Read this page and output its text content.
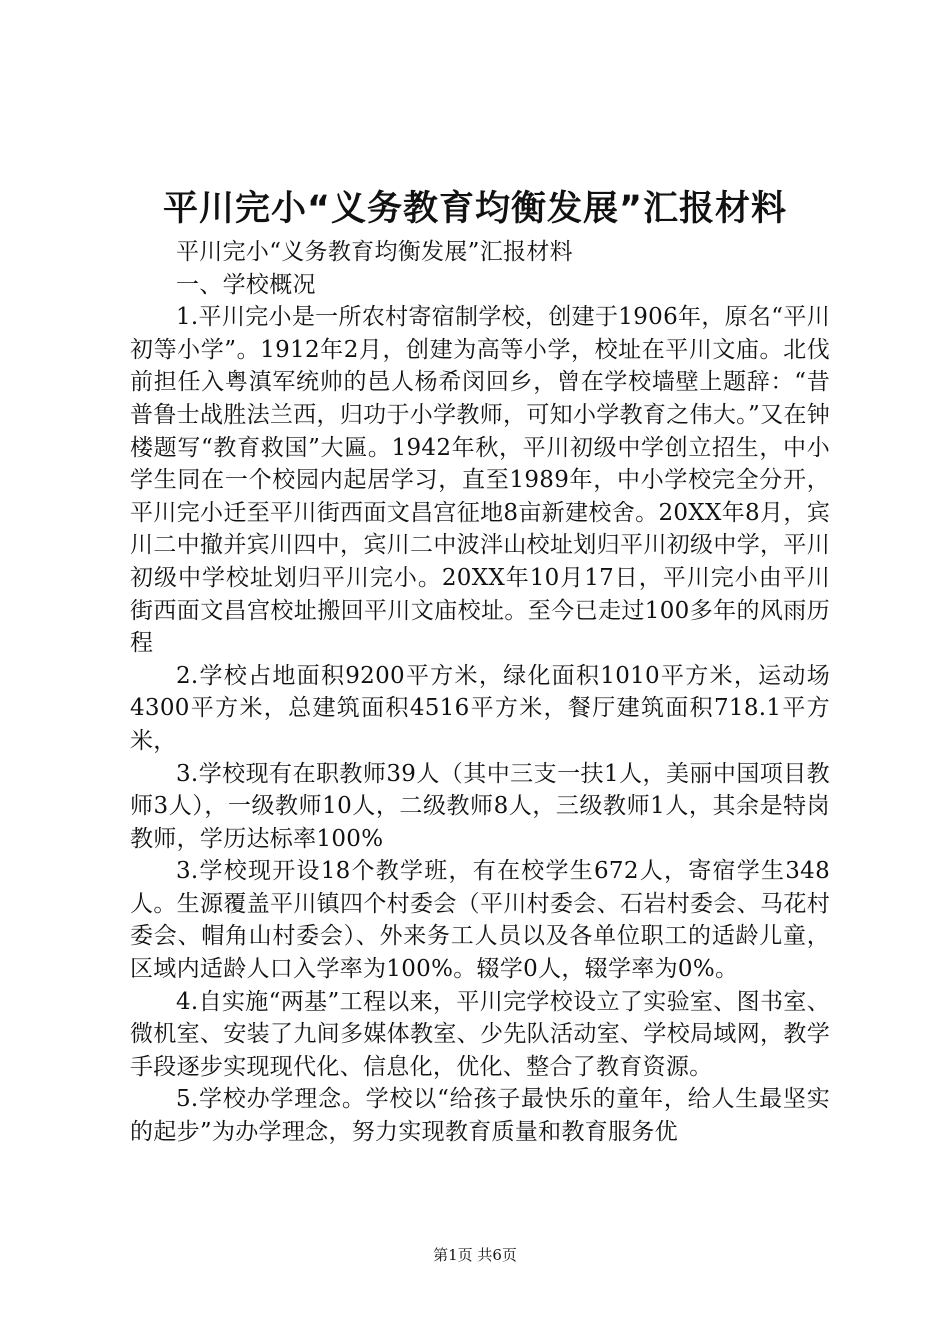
平川完小“义务教育均衡发展”汇报材料

平川完小“义务教育均衡发展”汇报材料

一、学校概况

1.平川完小是一所农村寄宿制学校，创建于1906年，原名“平川初等小学”。1912年2月，创建为高等小学，校址在平川文庙。北伐前担任入粤滇军统帅的邑人杨希闵回乡，曾在学校墙壁上题辞：“昔普鲁士战胜法兰西，归功于小学教师，可知小学教育之伟大。”又在钟楼题写“教育救国”大匾。1942年秋，平川初级中学创立招生，中小学生同在一个校园内起居学习，直至1989年，中小学校完全分开，平川完小迁至平川街西面文昌宫征地8亩新建校舍。20XX年8月，宾川二中撤并宾川四中，宾川二中波泮山校址划归平川初级中学，平川初级中学校址划归平川完小。20XX年10月17日，平川完小由平川街西面文昌宫校址搬回平川文庙校址。至今已走过100多年的风雨历程

2.学校占地面积9200平方米，绿化面积1010平方米，运动场4300平方米，总建筑面积4516平方米，餐厅建筑面积718.1平方米，

3.学校现有在职教师39人（其中三支一扶1人，美丽中国项目教师3人），一级教师10人，二级教师8人，三级教师1人，其余是特岗教师，学历达标率100%

3.学校现开设18个教学班，有在校学生672人，寄宿学生348人。生源覆盖平川镇四个村委会（平川村委会、石岩村委会、马花村委会、帽角山村委会）、外来务工人员以及各单位职工的适龄儿童，区域内适龄人口入学率为100%。辍学0人，辍学率为0%。

4.自实施“两基”工程以来，平川完学校设立了实验室、图书室、微机室、安装了九间多媒体教室、少先队活动室、学校局域网，教学手段逐步实现现代化、信息化，优化、整合了教育资源。

5.学校办学理念。学校以“给孩子最快乐的童年，给人生最坚实的起步”为办学理念，努力实现教育质量和教育服务优

第1页 共6页
